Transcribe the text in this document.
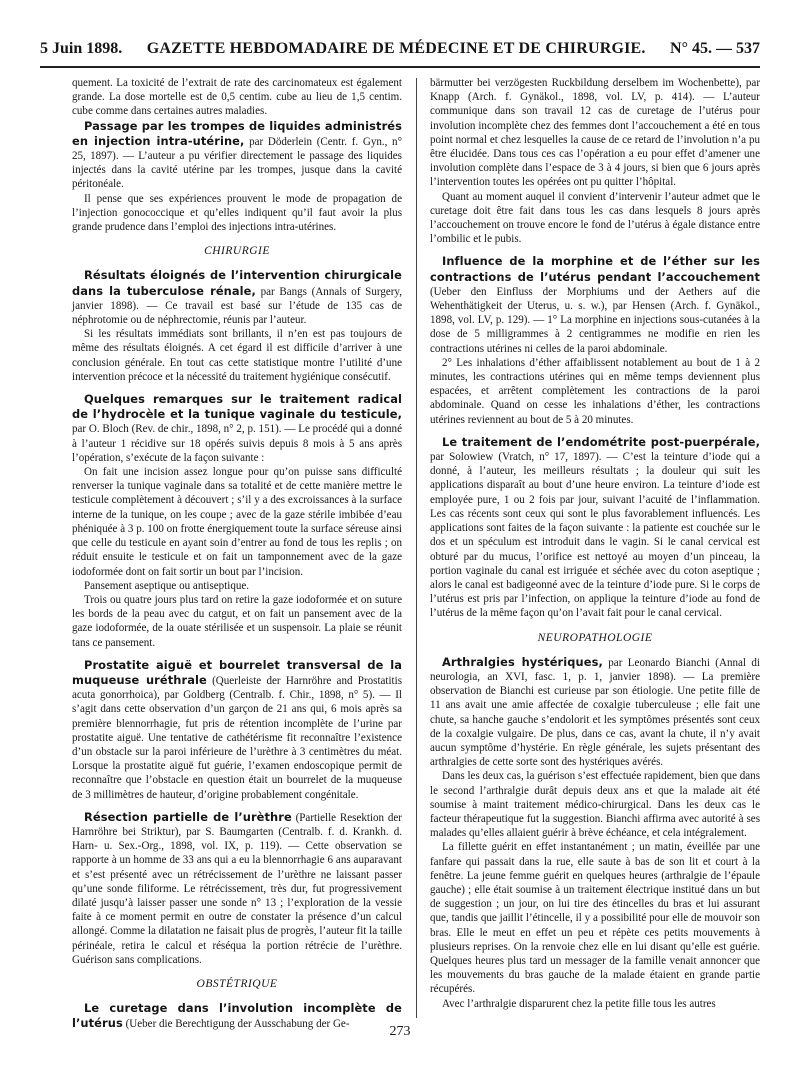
5 Juin 1898. GAZETTE HEBDOMADAIRE DE MÉDECINE ET DE CHIRURGIE. N° 45. — 537

quement. La toxicité de l’extrait de rate des carcinomateux est également grande. La dose mortelle est de 0,5 centim. cube au lieu de 1,5 centim. cube comme dans certaines autres maladies.

Passage par les trompes de liquides administrés en injection intra-utérine, par Döderlein (Centr. f. Gyn., n° 25, 1897). — L’auteur a pu vérifier directement le passage des liquides injectés dans la cavité utérine par les trompes, jusque dans la cavité péritonéale.

Il pense que ses expériences prouvent le mode de propagation de l’injection gonococcique et qu’elles indiquent qu’il faut avoir la plus grande prudence dans l’emploi des injections intra-utérines.

CHIRURGIE

Résultats éloignés de l’intervention chirurgicale dans la tuberculose rénale, par Bangs (Annals of Surgery, janvier 1898). — Ce travail est basé sur l’étude de 135 cas de néphrotomie ou de néphrectomie, réunis par l’auteur.

Si les résultats immédiats sont brillants, il n’en est pas toujours de même des résultats éloignés. A cet égard il est difficile d’arriver à une conclusion générale. En tout cas cette statistique montre l’utilité d’une intervention précoce et la nécessité du traitement hygiénique consécutif.

Quelques remarques sur le traitement radical de l’hydrocèle et la tunique vaginale du testicule, par O. Bloch (Rev. de chir., 1898, n° 2, p. 151). — Le procédé qui a donné à l’auteur 1 récidive sur 18 opérés suivis depuis 8 mois à 5 ans après l’opération, s’exécute de la façon suivante :

On fait une incision assez longue pour qu’on puisse sans difficulté renverser la tunique vaginale dans sa totalité et de cette manière mettre le testicule complètement à découvert ; s’il y a des excroissances à la surface interne de la tunique, on les coupe ; avec de la gaze stérile imbibée d’eau phéniquée à 3 p. 100 on frotte énergiquement toute la surface séreuse ainsi que celle du testicule en ayant soin d’entrer au fond de tous les replis ; on réduit ensuite le testicule et on fait un tamponnement avec de la gaze iodoformée dont on fait sortir un bout par l’incision.

Pansement aseptique ou antiseptique.

Trois ou quatre jours plus tard on retire la gaze iodoformée et on suture les bords de la peau avec du catgut, et on fait un pansement avec de la gaze iodoformée, de la ouate stérilisée et un suspensoir. La plaie se réunit tans ce pansement.

Prostatite aiguë et bourrelet transversal de la muqueuse uréthrale (Querleiste der Harnröhre and Prostatitis acuta gonorrhoica), par Goldberg (Centralb. f. Chir., 1898, n° 5). — Il s’agit dans cette observation d’un garçon de 21 ans qui, 6 mois après sa première blennorrhagie, fut pris de rétention incomplète de l’urine par prostatite aiguë. Une tentative de cathétérisme fit reconnaître l’existence d’un obstacle sur la paroi inférieure de l’urèthre à 3 centimètres du méat. Lorsque la prostatite aiguë fut guérie, l’examen endoscopique permit de reconnaître que l’obstacle en question était un bourrelet de la muqueuse de 3 millimètres de hauteur, d’origine probablement congénitale.

Résection partielle de l’urèthre (Partielle Resektion der Harnröhre bei Striktur), par S. Baumgarten (Centralb. f. d. Krankh. d. Harn- u. Sex.-Org., 1898, vol. IX, p. 119). — Cette observation se rapporte à un homme de 33 ans qui a eu la blennorrhagie 6 ans auparavant et s’est présenté avec un rétrécissement de l’urèthre ne laissant passer qu’une sonde filiforme. Le rétrécissement, très dur, fut progressivement dilaté jusqu’à laisser passer une sonde n° 13 ; l’exploration de la vessie faite à ce moment permit en outre de constater la présence d’un calcul allongé. Comme la dilatation ne faisait plus de progrès, l’auteur fit la taille périnéale, retira le calcul et réséqua la portion rétrécie de l’urèthre. Guérison sans complications.

OBSTÉTRIQUE

Le curetage dans l’involution incomplète de l’utérus (Ueber die Berechtigung der Ausschabung der Ge-

bärmutter bei verzögesten Ruckbildung derselbem im Wochenbette), par Knapp (Arch. f. Gynäkol., 1898, vol. LV, p. 414). — L’auteur communique dans son travail 12 cas de curetage de l’utérus pour involution incomplète chez des femmes dont l’accouchement a été en tous point normal et chez lesquelles la cause de ce retard de l’involution n’a pu être élucidée. Dans tous ces cas l’opération a eu pour effet d’amener une involution complète dans l’espace de 3 à 4 jours, si bien que 6 jours après l’intervention toutes les opérées ont pu quitter l’hôpital.

Quant au moment auquel il convient d’intervenir l’auteur admet que le curetage doit être fait dans tous les cas dans lesquels 8 jours après l’accouchement on trouve encore le fond de l’utérus à égale distance entre l’ombilic et le pubis.

Influence de la morphine et de l’éther sur les contractions de l’utérus pendant l’accouchement (Ueber den Einfluss der Morphiums und der Aethers auf die Wehenthätigkeit der Uterus, u. s. w.), par Hensen (Arch. f. Gynäkol., 1898, vol. LV, p. 129). — 1° La morphine en injections sous-cutanées à la dose de 5 milligrammes à 2 centigrammes ne modifie en rien les contractions utérines ni celles de la paroi abdominale.

2° Les inhalations d’éther affaiblissent notablement au bout de 1 à 2 minutes, les contractions utérines qui en même temps deviennent plus espacées, et arrêtent complètement les contractions de la paroi abdominale. Quand on cesse les inhalations d’éther, les contractions utérines reviennent au bout de 5 à 20 minutes.

Le traitement de l’endométrite post-puerpérale, par Solowiew (Vratch, n° 17, 1897). — C’est la teinture d’iode qui a donné, à l’auteur, les meilleurs résultats ; la douleur qui suit les applications disparaît au bout d’une heure environ. La teinture d’iode est employée pure, 1 ou 2 fois par jour, suivant l’acuité de l’inflammation. Les cas récents sont ceux qui sont le plus favorablement influencés. Les applications sont faites de la façon suivante : la patiente est couchée sur le dos et un spéculum est introduit dans le vagin. Si le canal cervical est obturé par du mucus, l’orifice est nettoyé au moyen d’un pinceau, la portion vaginale du canal est irriguée et séchée avec du coton aseptique ; alors le canal est badigeonné avec de la teinture d’iode pure. Si le corps de l’utérus est pris par l’infection, on applique la teinture d’iode au fond de l’utérus de la même façon qu’on l’avait fait pour le canal cervical.

NEUROPATHOLOGIE

Arthralgies hystériques, par Leonardo Bianchi (Annal di neurologia, an XVI, fasc. 1, p. 1, janvier 1898). — La première observation de Bianchi est curieuse par son étiologie. Une petite fille de 11 ans avait une amie affectée de coxalgie tuberculeuse ; elle fait une chute, sa hanche gauche s’endolorit et les symptômes présentés sont ceux de la coxalgie vulgaire. De plus, dans ce cas, avant la chute, il n’y avait aucun symptôme d’hystérie. En règle générale, les sujets présentant des arthralgies de cette sorte sont des hystériques avérés.

Dans les deux cas, la guérison s’est effectuée rapidement, bien que dans le second l’arthralgie durât depuis deux ans et que la malade ait été soumise à maint traitement médico-chirurgical. Dans les deux cas le facteur thérapeutique fut la suggestion. Bianchi affirma avec autorité à ses malades qu’elles allaient guérir à brève échéance, et cela intégralement.

La fillette guérit en effet instantanément ; un matin, éveillée par une fanfare qui passait dans la rue, elle saute à bas de son lit et court à la fenêtre. La jeune femme guérit en quelques heures (arthralgie de l’épaule gauche) ; elle était soumise à un traitement électrique institué dans un but de suggestion ; un jour, on lui tire des étincelles du bras et lui assurant que, tandis que jaillit l’étincelle, il y a possibilité pour elle de mouvoir son bras. Elle le meut en effet un peu et répète ces petits mouvements à plusieurs reprises. On la renvoie chez elle en lui disant qu’elle est guérie. Quelques heures plus tard un messager de la famille venait annoncer que les mouvements du bras gauche de la malade étaient en grande partie récupérés.

Avec l’arthralgie disparurent chez la petite fille tous les autres

273
